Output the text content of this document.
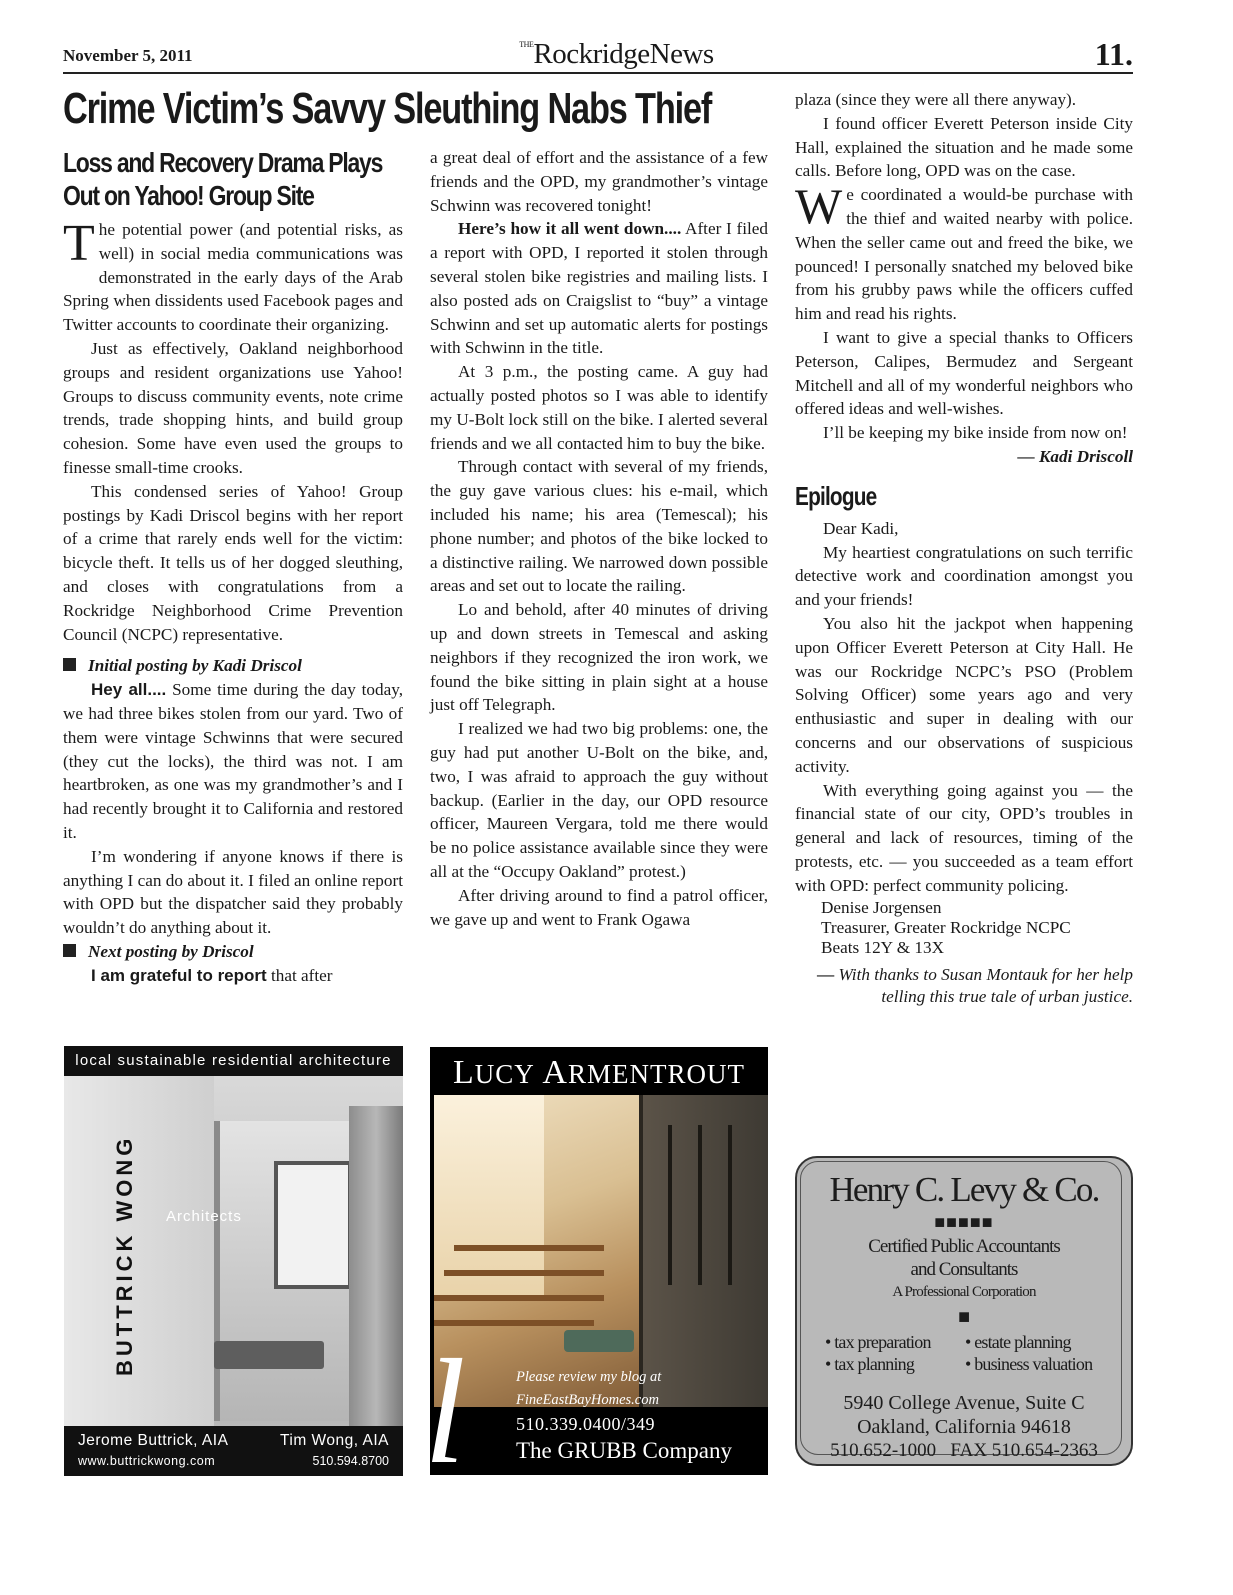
November 5, 2011
$^{THE}$RockridgeNews	11.
Crime Victim’s Savvy Sleuthing Nabs Thief
Loss and Recovery Drama Plays Out on Yahoo! Group Site

The potential power (and potential risks, as well) in social media communications was demonstrated in the early days of the Arab Spring when dissidents used Facebook pages and Twitter accounts to coordinate their organizing.

Just as effectively, Oakland neighborhood groups and resident organizations use Yahoo! Groups to discuss community events, note crime trends, trade shopping hints, and build group cohesion. Some have even used the groups to finesse small-time crooks.

This condensed series of Yahoo! Group postings by Kadi Driscol begins with her report of a crime that rarely ends well for the victim: bicycle theft. It tells us of her dogged sleuthing, and closes with congratulations from a Rockridge Neighborhood Crime Prevention Council (NCPC) representative.

Initial posting by Kadi Driscol

Hey all.... Some time during the day today, we had three bikes stolen from our yard. Two of them were vintage Schwinns that were secured (they cut the locks), the third was not. I am heartbroken, as one was my grandmother’s and I had recently brought it to California and restored it.

I’m wondering if anyone knows if there is anything I can do about it. I filed an online report with OPD but the dispatcher said they probably wouldn’t do anything about it.

Next posting by Driscol

I am grateful to report that after

a great deal of effort and the assistance of a few friends and the OPD, my grandmother’s vintage Schwinn was recovered tonight!

Here’s how it all went down.... After I filed a report with OPD, I reported it stolen through several stolen bike registries and mailing lists. I also posted ads on Craigslist to “buy” a vintage Schwinn and set up automatic alerts for postings with Schwinn in the title.

At 3 p.m., the posting came. A guy had actually posted photos so I was able to identify my U-Bolt lock still on the bike. I alerted several friends and we all contacted him to buy the bike.

Through contact with several of my friends, the guy gave various clues: his e-mail, which included his name; his area (Temescal); his phone number; and photos of the bike locked to a distinctive railing. We narrowed down possible areas and set out to locate the railing.

Lo and behold, after 40 minutes of driving up and down streets in Temescal and asking neighbors if they recognized the iron work, we found the bike sitting in plain sight at a house just off Telegraph.

I realized we had two big problems: one, the guy had put another U-Bolt on the bike, and, two, I was afraid to approach the guy without backup. (Earlier in the day, our OPD resource officer, Maureen Vergara, told me there would be no police assistance available since they were all at the “Occupy Oakland” protest.)

After driving around to find a patrol officer, we gave up and went to Frank Ogawa

plaza (since they were all there anyway).

I found officer Everett Peterson inside City Hall, explained the situation and he made some calls. Before long, OPD was on the case.

We coordinated a would-be purchase with the thief and waited nearby with police. When the seller came out and freed the bike, we pounced! I personally snatched my beloved bike from his grubby paws while the officers cuffed him and read his rights.

I want to give a special thanks to Officers Peterson, Calipes, Bermudez and Sergeant Mitchell and all of my wonderful neighbors who offered ideas and well-wishes.

I’ll be keeping my bike inside from now on!

— Kadi Driscoll

Epilogue

Dear Kadi,

My heartiest congratulations on such terrific detective work and coordination amongst you and your friends!

You also hit the jackpot when happening upon Officer Everett Peterson at City Hall. He was our Rockridge NCPC’s PSO (Problem Solving Officer) some years ago and very enthusiastic and super in dealing with our concerns and our observations of suspicious activity.

With everything going against you — the financial state of our city, OPD’s troubles in general and lack of resources, timing of the protests, etc. — you succeeded as a team effort with OPD: perfect community policing.

Denise Jorgensen

Treasurer, Greater Rockridge NCPC

Beats 12Y & 13X

— With thanks to Susan Montauk for her help telling this true tale of urban justice.

local sustainable residential architecture
BUTTRICK WONG Architects
Jerome Buttrick, AIA	Tim Wong, AIA
www.buttrickwong.com	510.594.8700
LUCY ARMENTROUT
l	Please review my blog at
FineEastBayHomes.com
510.339.0400/349
The GRUBB Company
Henry C. Levy & Co.
■■■■■
Certified Public Accountants
and Consultants
A Professional Corporation
■
• tax preparation • estate planning
• tax planning	• business valuation
5940 College Avenue, Suite C
Oakland, California 94618
510.652-1000   FAX 510.654-2363
